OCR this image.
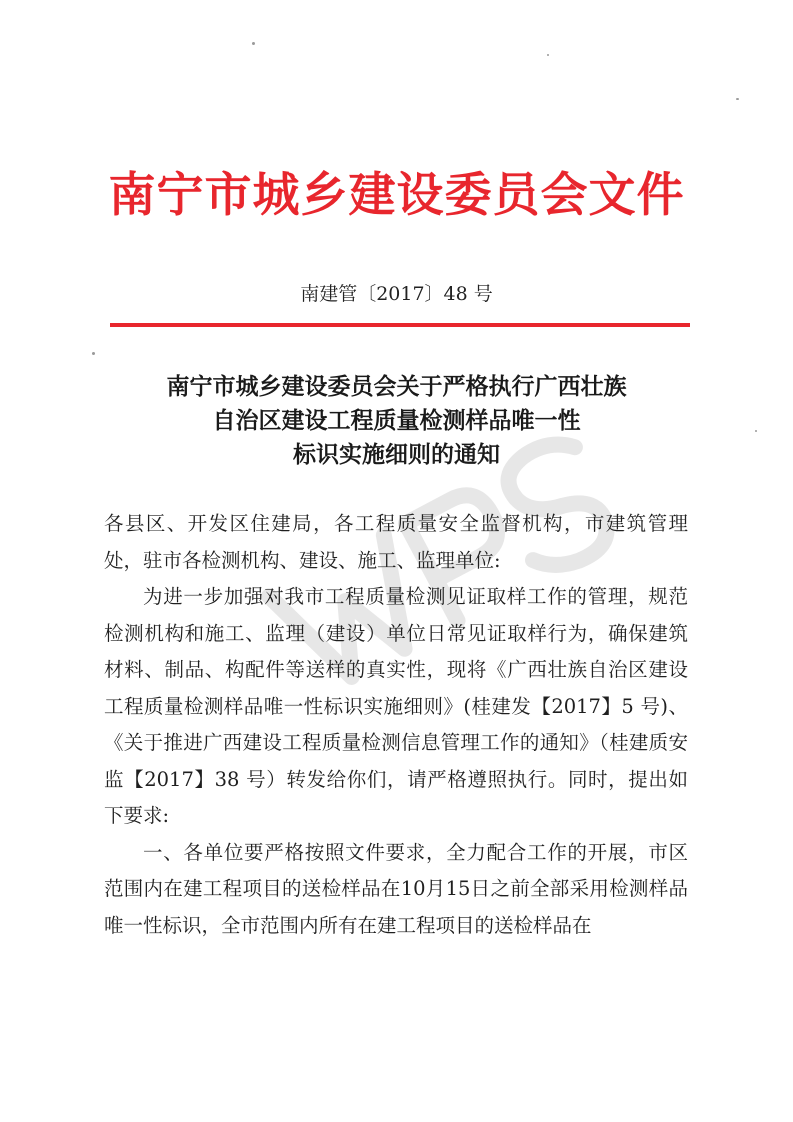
南宁市城乡建设委员会文件
南建管〔2017〕48 号
南宁市城乡建设委员会关于严格执行广西壮族
自治区建设工程质量检测样品唯一性
标识实施细则的通知

各县区、开发区住建局，各工程质量安全监督机构，市建筑管理处，驻市各检测机构、建设、施工、监理单位:

为进一步加强对我市工程质量检测见证取样工作的管理，规范检测机构和施工、监理（建设）单位日常见证取样行为，确保建筑材料、制品、构配件等送样的真实性，现将《广西壮族自治区建设工程质量检测样品唯一性标识实施细则》(桂建发【2017】5 号)、《关于推进广西建设工程质量检测信息管理工作的通知》（桂建质安监【2017】38 号）转发给你们，请严格遵照执行。同时，提出如下要求:

一、各单位要严格按照文件要求，全力配合工作的开展，市区范围内在建工程项目的送检样品在10月15日之前全部采用检测样品唯一性标识，全市范围内所有在建工程项目的送检样品在
